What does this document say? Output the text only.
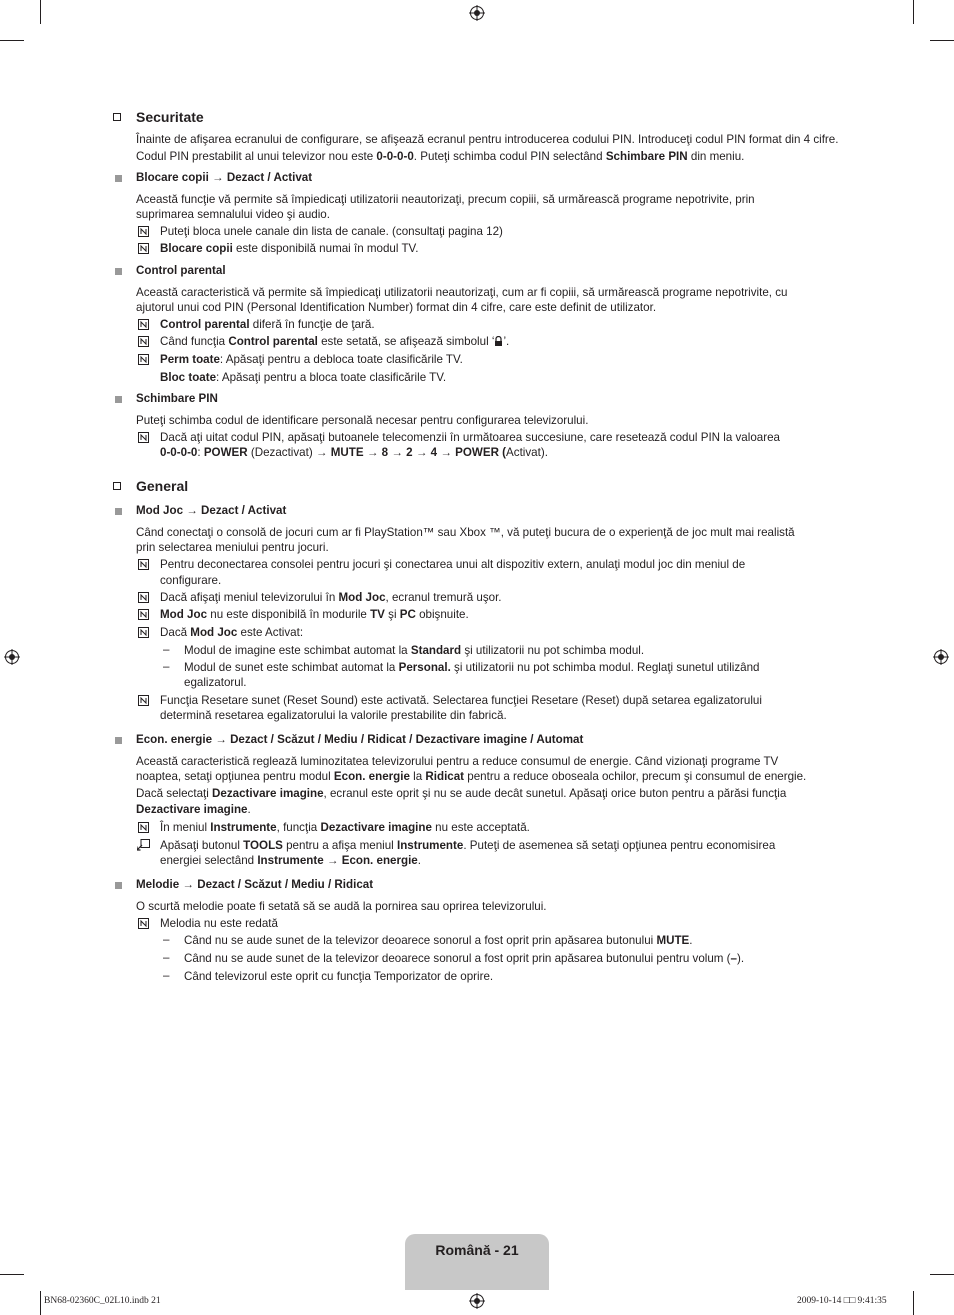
Securitate
Înainte de afişarea ecranului de configurare, se afişează ecranul pentru introducerea codului PIN. Introduceţi codul PIN format din 4 cifre.
Codul PIN prestabilit al unui televizor nou este 0-0-0-0. Puteţi schimba codul PIN selectând Schimbare PIN din meniu.
Blocare copii → Dezact / Activat
Această funcţie vă permite să împiedicaţi utilizatorii neautorizaţi, precum copiii, să urmărească programe nepotrivite, prin
suprimarea semnalului video şi audio.
Puteţi bloca unele canale din lista de canale. (consultaţi pagina 12)
Blocare copii este disponibilă numai în modul TV.
Control parental
Această caracteristică vă permite să împiedicaţi utilizatorii neautorizaţi, cum ar fi copiii, să urmărească programe nepotrivite, cu
ajutorul unui cod PIN (Personal Identification Number) format din 4 cifre, care este definit de utilizator.
Control parental diferă în funcţie de ţară.
Când funcţia Control parental este setată, se afişează simbolul ‘ ’.
Perm toate: Apăsaţi pentru a debloca toate clasificările TV.
Bloc toate: Apăsaţi pentru a bloca toate clasificările TV.
Schimbare PIN
Puteţi schimba codul de identificare personală necesar pentru configurarea televizorului.
Dacă aţi uitat codul PIN, apăsaţi butoanele telecomenzii în următoarea succesiune, care resetează codul PIN la valoarea
0-0-0-0: POWER (Dezactivat) → MUTE → 8 → 2 → 4 → POWER (Activat).
General
Mod Joc → Dezact / Activat
Când conectaţi o consolă de jocuri cum ar fi PlayStation™ sau Xbox ™, vă puteţi bucura de o experienţă de joc mult mai realistă
prin selectarea meniului pentru jocuri.
Pentru deconectarea consolei pentru jocuri şi conectarea unui alt dispozitiv extern, anulaţi modul joc din meniul de
configurare.
Dacă afişaţi meniul televizorului în Mod Joc, ecranul tremură uşor.
Mod Joc nu este disponibilă în modurile TV şi PC obişnuite.
Dacă Mod Joc este Activat:
– Modul de imagine este schimbat automat la Standard şi utilizatorii nu pot schimba modul.
– Modul de sunet este schimbat automat la Personal. şi utilizatorii nu pot schimba modul. Reglaţi sunetul utilizând
egalizatorul.
Funcţia Resetare sunet (Reset Sound) este activată. Selectarea funcţiei Resetare (Reset) după setarea egalizatorului
determină resetarea egalizatorului la valorile prestabilite din fabrică.
Econ. energie → Dezact / Scăzut / Mediu / Ridicat / Dezactivare imagine / Automat
Această caracteristică reglează luminozitatea televizorului pentru a reduce consumul de energie. Când vizionaţi programe TV
noaptea, setaţi opţiunea pentru modul Econ. energie la Ridicat pentru a reduce oboseala ochilor, precum şi consumul de energie.
Dacă selectaţi Dezactivare imagine, ecranul este oprit şi nu se aude decât sunetul. Apăsaţi orice buton pentru a părăsi funcţia
Dezactivare imagine.
În meniul Instrumente, funcţia Dezactivare imagine nu este acceptată.
Apăsaţi butonul TOOLS pentru a afişa meniul Instrumente. Puteţi de asemenea să setaţi opţiunea pentru economisirea
energiei selectând Instrumente → Econ. energie.
Melodie → Dezact / Scăzut / Mediu / Ridicat
O scurtă melodie poate fi setată să se audă la pornirea sau oprirea televizorului.
Melodia nu este redată
– Când nu se aude sunet de la televizor deoarece sonorul a fost oprit prin apăsarea butonului MUTE.
– Când nu se aude sunet de la televizor deoarece sonorul a fost oprit prin apăsarea butonului pentru volum (–).
– Când televizorul este oprit cu funcţia Temporizator de oprire.
Română - 21
BN68-02360C_02L10.indb 21	2009-10-14 □□ 9:41:35
